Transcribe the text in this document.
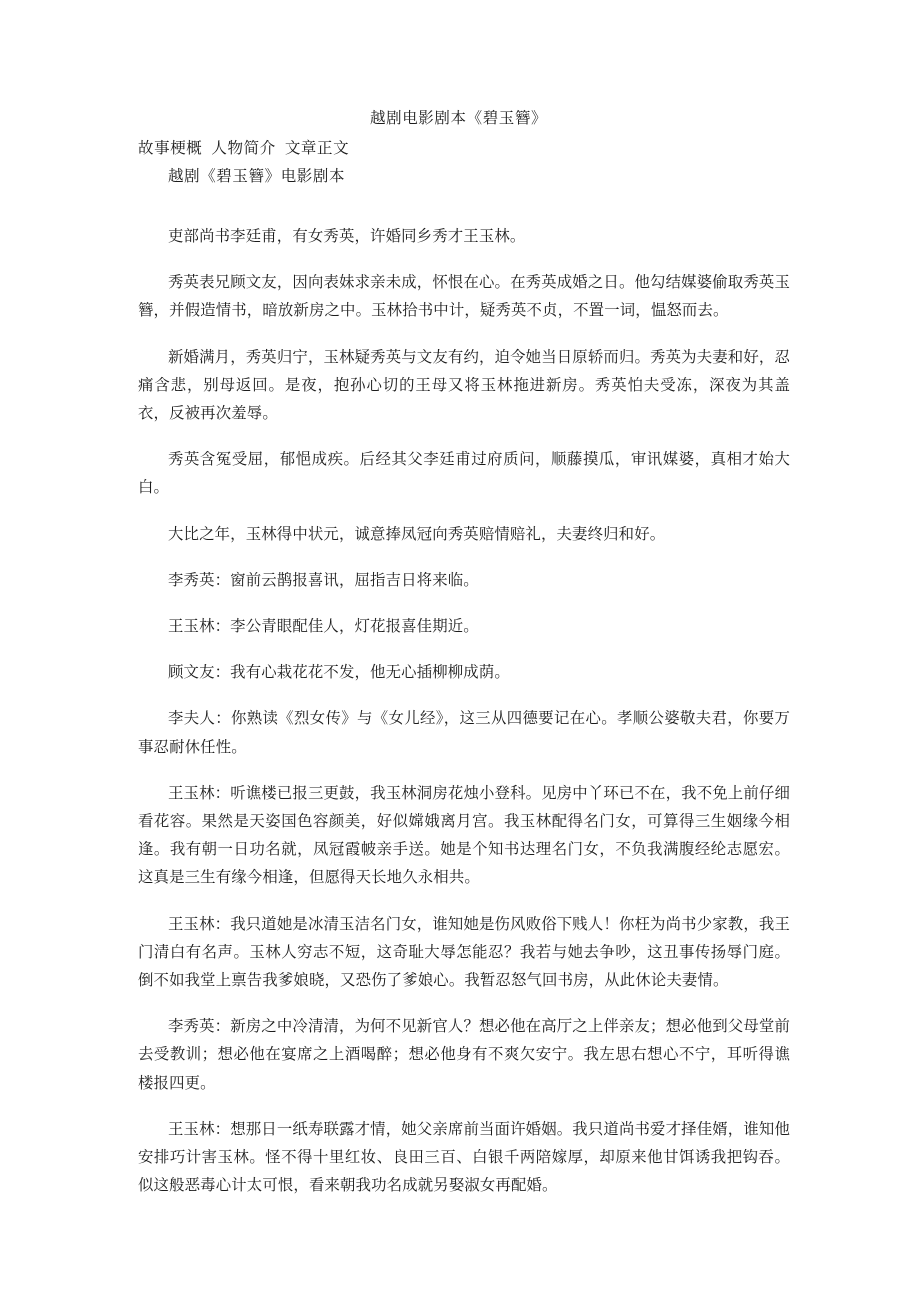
越剧电影剧本《碧玉簪》
故事梗概 人物简介 文章正文
越剧《碧玉簪》电影剧本

吏部尚书李廷甫，有女秀英，许婚同乡秀才王玉林。

秀英表兄顾文友，因向表妹求亲未成，怀恨在心。在秀英成婚之日。他勾结媒婆偷取秀英玉簪，并假造情书，暗放新房之中。玉林拾书中计，疑秀英不贞，不置一词，愠怒而去。

新婚满月，秀英归宁，玉林疑秀英与文友有约，迫令她当日原轿而归。秀英为夫妻和好，忍痛含悲，别母返回。是夜，抱孙心切的王母又将玉林拖进新房。秀英怕夫受冻，深夜为其盖衣，反被再次羞辱。

秀英含冤受屈，郁悒成疾。后经其父李廷甫过府质问，顺藤摸瓜，审讯媒婆，真相才始大白。

大比之年，玉林得中状元，诚意捧凤冠向秀英赔情赔礼，夫妻终归和好。

李秀英：窗前云鹊报喜讯，屈指吉日将来临。

王玉林：李公青眼配佳人，灯花报喜佳期近。

顾文友：我有心栽花花不发，他无心插柳柳成荫。

李夫人：你熟读《烈女传》与《女儿经》，这三从四德要记在心。孝顺公婆敬夫君，你要万事忍耐休任性。

王玉林：听谯楼已报三更鼓，我玉林洞房花烛小登科。见房中丫环已不在，我不免上前仔细看花容。果然是天姿国色容颜美，好似嫦娥离月宫。我玉林配得名门女，可算得三生姻缘今相逢。我有朝一日功名就，凤冠霞帔亲手送。她是个知书达理名门女，不负我满腹经纶志愿宏。这真是三生有缘今相逢，但愿得天长地久永相共。

王玉林：我只道她是冰清玉洁名门女，谁知她是伤风败俗下贱人！你枉为尚书少家教，我王门清白有名声。玉林人穷志不短，这奇耻大辱怎能忍？我若与她去争吵，这丑事传扬辱门庭。倒不如我堂上禀告我爹娘晓，又恐伤了爹娘心。我暂忍怒气回书房，从此休论夫妻情。

李秀英：新房之中冷清清，为何不见新官人？想必他在高厅之上伴亲友；想必他到父母堂前去受教训；想必他在宴席之上酒喝醉；想必他身有不爽欠安宁。我左思右想心不宁，耳听得谯楼报四更。

王玉林：想那日一纸寿联露才情，她父亲席前当面许婚姻。我只道尚书爱才择佳婿，谁知他安排巧计害玉林。怪不得十里红妆、良田三百、白银千两陪嫁厚，却原来他甘饵诱我把钩吞。似这般恶毒心计太可恨，看来朝我功名成就另娶淑女再配婚。
